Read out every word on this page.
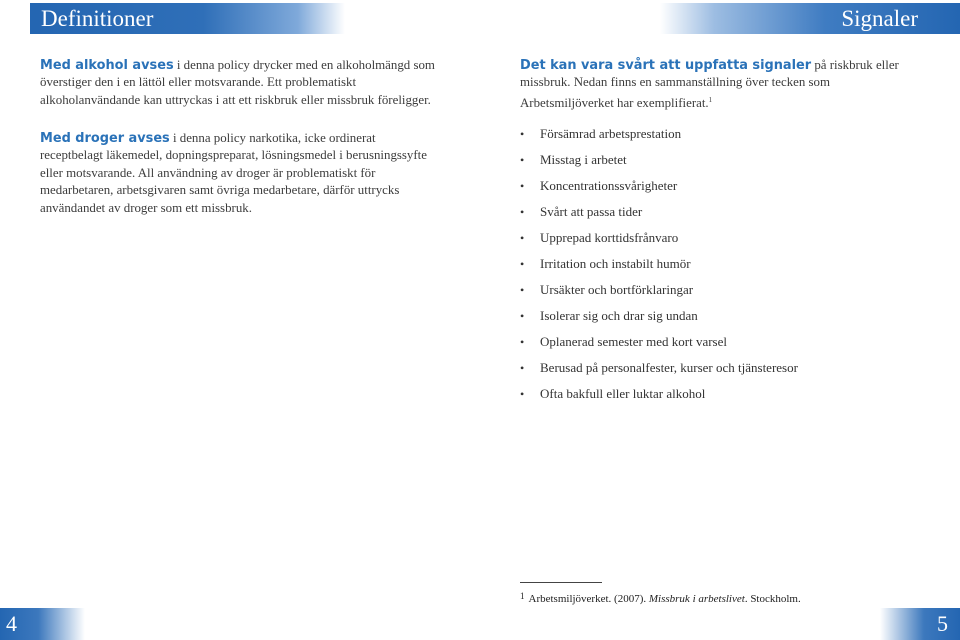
Definitioner	Signaler

Med alkohol avses i denna policy drycker med en alkoholmängd som överstiger den i en lättöl eller motsvarande. Ett problematiskt alkoholanvändande kan uttryckas i att ett riskbruk eller missbruk föreligger.

Med droger avses i denna policy narkotika, icke ordinerat receptbelagt läkemedel, dopningspreparat, lösningsmedel i berusningssyfte eller motsvarande. All användning av droger är problematiskt för medarbetaren, arbetsgivaren samt övriga medarbetare, därför uttrycks användandet av droger som ett missbruk.

Det kan vara svårt att uppfatta signaler på riskbruk eller missbruk. Nedan finns en sammanställning över tecken som Arbetsmiljöverket har exemplifierat.$^1$

• Försämrad arbetsprestation
• Misstag i arbetet
• Koncentrationssvårigheter
• Svårt att passa tider
• Upprepad korttidsfrånvaro
• Irritation och instabilt humör
• Ursäkter och bortförklaringar
• Isolerar sig och drar sig undan
• Oplanerad semester med kort varsel
• Berusad på personalfester, kurser och tjänsteresor
• Ofta bakfull eller luktar alkohol
$^1$ Arbetsmiljöverket. (2007). Missbruk i arbetslivet. Stockholm.
4	5
